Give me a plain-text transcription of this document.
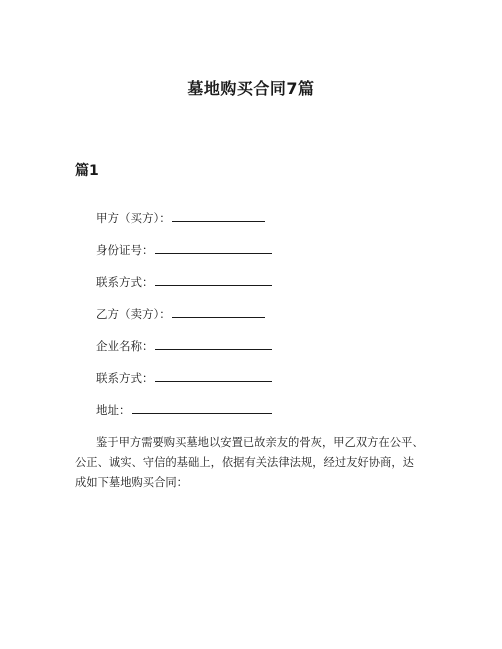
墓地购买合同7篇
篇1
甲方（买方）：
身份证号：
联系方式：
乙方（卖方）：
企业名称：
联系方式：
地址：
鉴于甲方需要购买墓地以安置已故亲友的骨灰，甲乙双方在公平、
公正、诚实、守信的基础上，依据有关法律法规，经过友好协商，达
成如下墓地购买合同：
